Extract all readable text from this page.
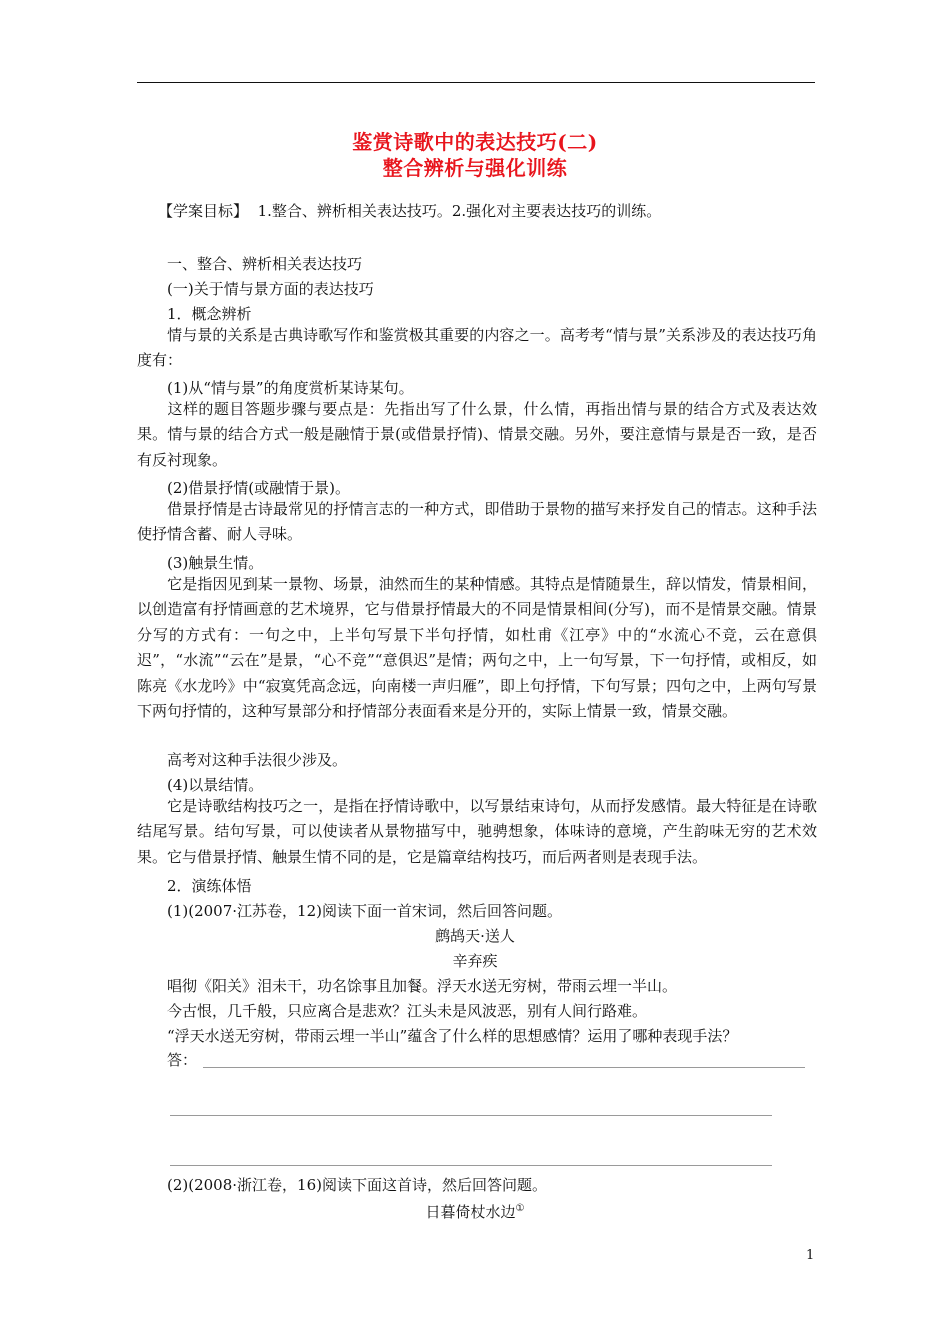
鉴赏诗歌中的表达技巧(二)
整合辨析与强化训练
【学案目标】 1.整合、辨析相关表达技巧。2.强化对主要表达技巧的训练。
一、整合、辨析相关表达技巧
(一)关于情与景方面的表达技巧
1．概念辨析
情与景的关系是古典诗歌写作和鉴赏极其重要的内容之一。高考考“情与景”关系涉及的表达技巧角度有：
(1)从“情与景”的角度赏析某诗某句。
这样的题目答题步骤与要点是：先指出写了什么景，什么情，再指出情与景的结合方式及表达效果。情与景的结合方式一般是融情于景(或借景抒情)、情景交融。另外，要注意情与景是否一致，是否有反衬现象。
(2)借景抒情(或融情于景)。
借景抒情是古诗最常见的抒情言志的一种方式，即借助于景物的描写来抒发自己的情志。这种手法使抒情含蓄、耐人寻味。
(3)触景生情。
它是指因见到某一景物、场景，油然而生的某种情感。其特点是情随景生，辞以情发，情景相间，以创造富有抒情画意的艺术境界，它与借景抒情最大的不同是情景相间(分写)，而不是情景交融。情景分写的方式有：一句之中，上半句写景下半句抒情，如杜甫《江亭》中的“水流心不竞，云在意俱迟”，“水流”“云在”是景，“心不竞”“意俱迟”是情；两句之中，上一句写景，下一句抒情，或相反，如陈亮《水龙吟》中“寂寞凭高念远，向南楼一声归雁”，即上句抒情，下句写景；四句之中，上两句写景下两句抒情的，这种写景部分和抒情部分表面看来是分开的，实际上情景一致，情景交融。
高考对这种手法很少涉及。
(4)以景结情。
它是诗歌结构技巧之一，是指在抒情诗歌中，以写景结束诗句，从而抒发感情。最大特征是在诗歌结尾写景。结句写景，可以使读者从景物描写中，驰骋想象，体味诗的意境，产生韵味无穷的艺术效果。它与借景抒情、触景生情不同的是，它是篇章结构技巧，而后两者则是表现手法。
2．演练体悟
(1)(2007·江苏卷，12)阅读下面一首宋词，然后回答问题。
鹧鸪天·送人
辛弃疾
唱彻《阳关》泪未干，功名馀事且加餐。浮天水送无穷树，带雨云埋一半山。
今古恨，几千般，只应离合是悲欢？江头未是风波恶，别有人间行路难。
“浮天水送无穷树，带雨云埋一半山”蕴含了什么样的思想感情？运用了哪种表现手法？
答：
(2)(2008·浙江卷，16)阅读下面这首诗，然后回答问题。
日暮倚杖水边①
1
